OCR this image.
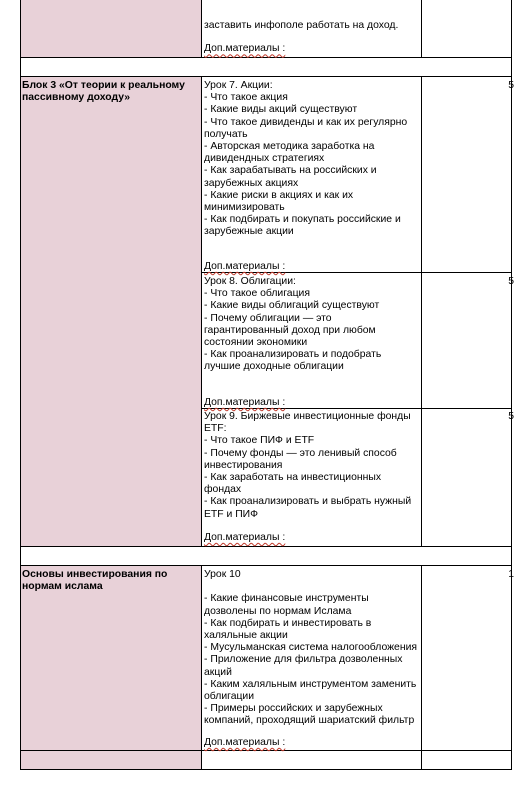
заставить инфополе работать на доход.
Доп.материалы :
Блок 3 «От теории к реальному
пассивному доходу»
Урок 7. Акции:
- Что такое акция
- Какие виды акций существуют
- Что такое дивиденды и как их регулярно
получать
- Авторская методика заработка на
дивидендных стратегиях
- Как зарабатывать на российских и
зарубежных акциях
- Какие риски в акциях и как их
минимизировать
- Как подбирать и покупать российские и
зарубежные акции
Доп.материалы :
5
Урок 8. Облигации:
- Что такое облигация
- Какие виды облигаций существуют
- Почему облигации — это
гарантированный доход при любом
состоянии экономики
- Как проанализировать и подобрать
лучшие доходные облигации
Доп.материалы :
5
Урок 9. Биржевые инвестиционные фонды
ETF:
- Что такое ПИФ и ETF
- Почему фонды — это ленивый способ
инвестирования
- Как заработать на инвестиционных
фондах
- Как проанализировать и выбрать нужный
ETF и ПИФ
Доп.материалы :
5
Основы инвестирования по
нормам ислама
Урок 10
- Какие финансовые инструменты
дозволены по нормам Ислама
- Как подбирать и инвестировать в
халяльные акции
- Мусульманская система налогообложения
- Приложение для фильтра дозволенных
акций
- Каким халяльным инструментом заменить
облигации
- Примеры российских и зарубежных
компаний, проходящий шариатский фильтр
Доп.материалы :
1
